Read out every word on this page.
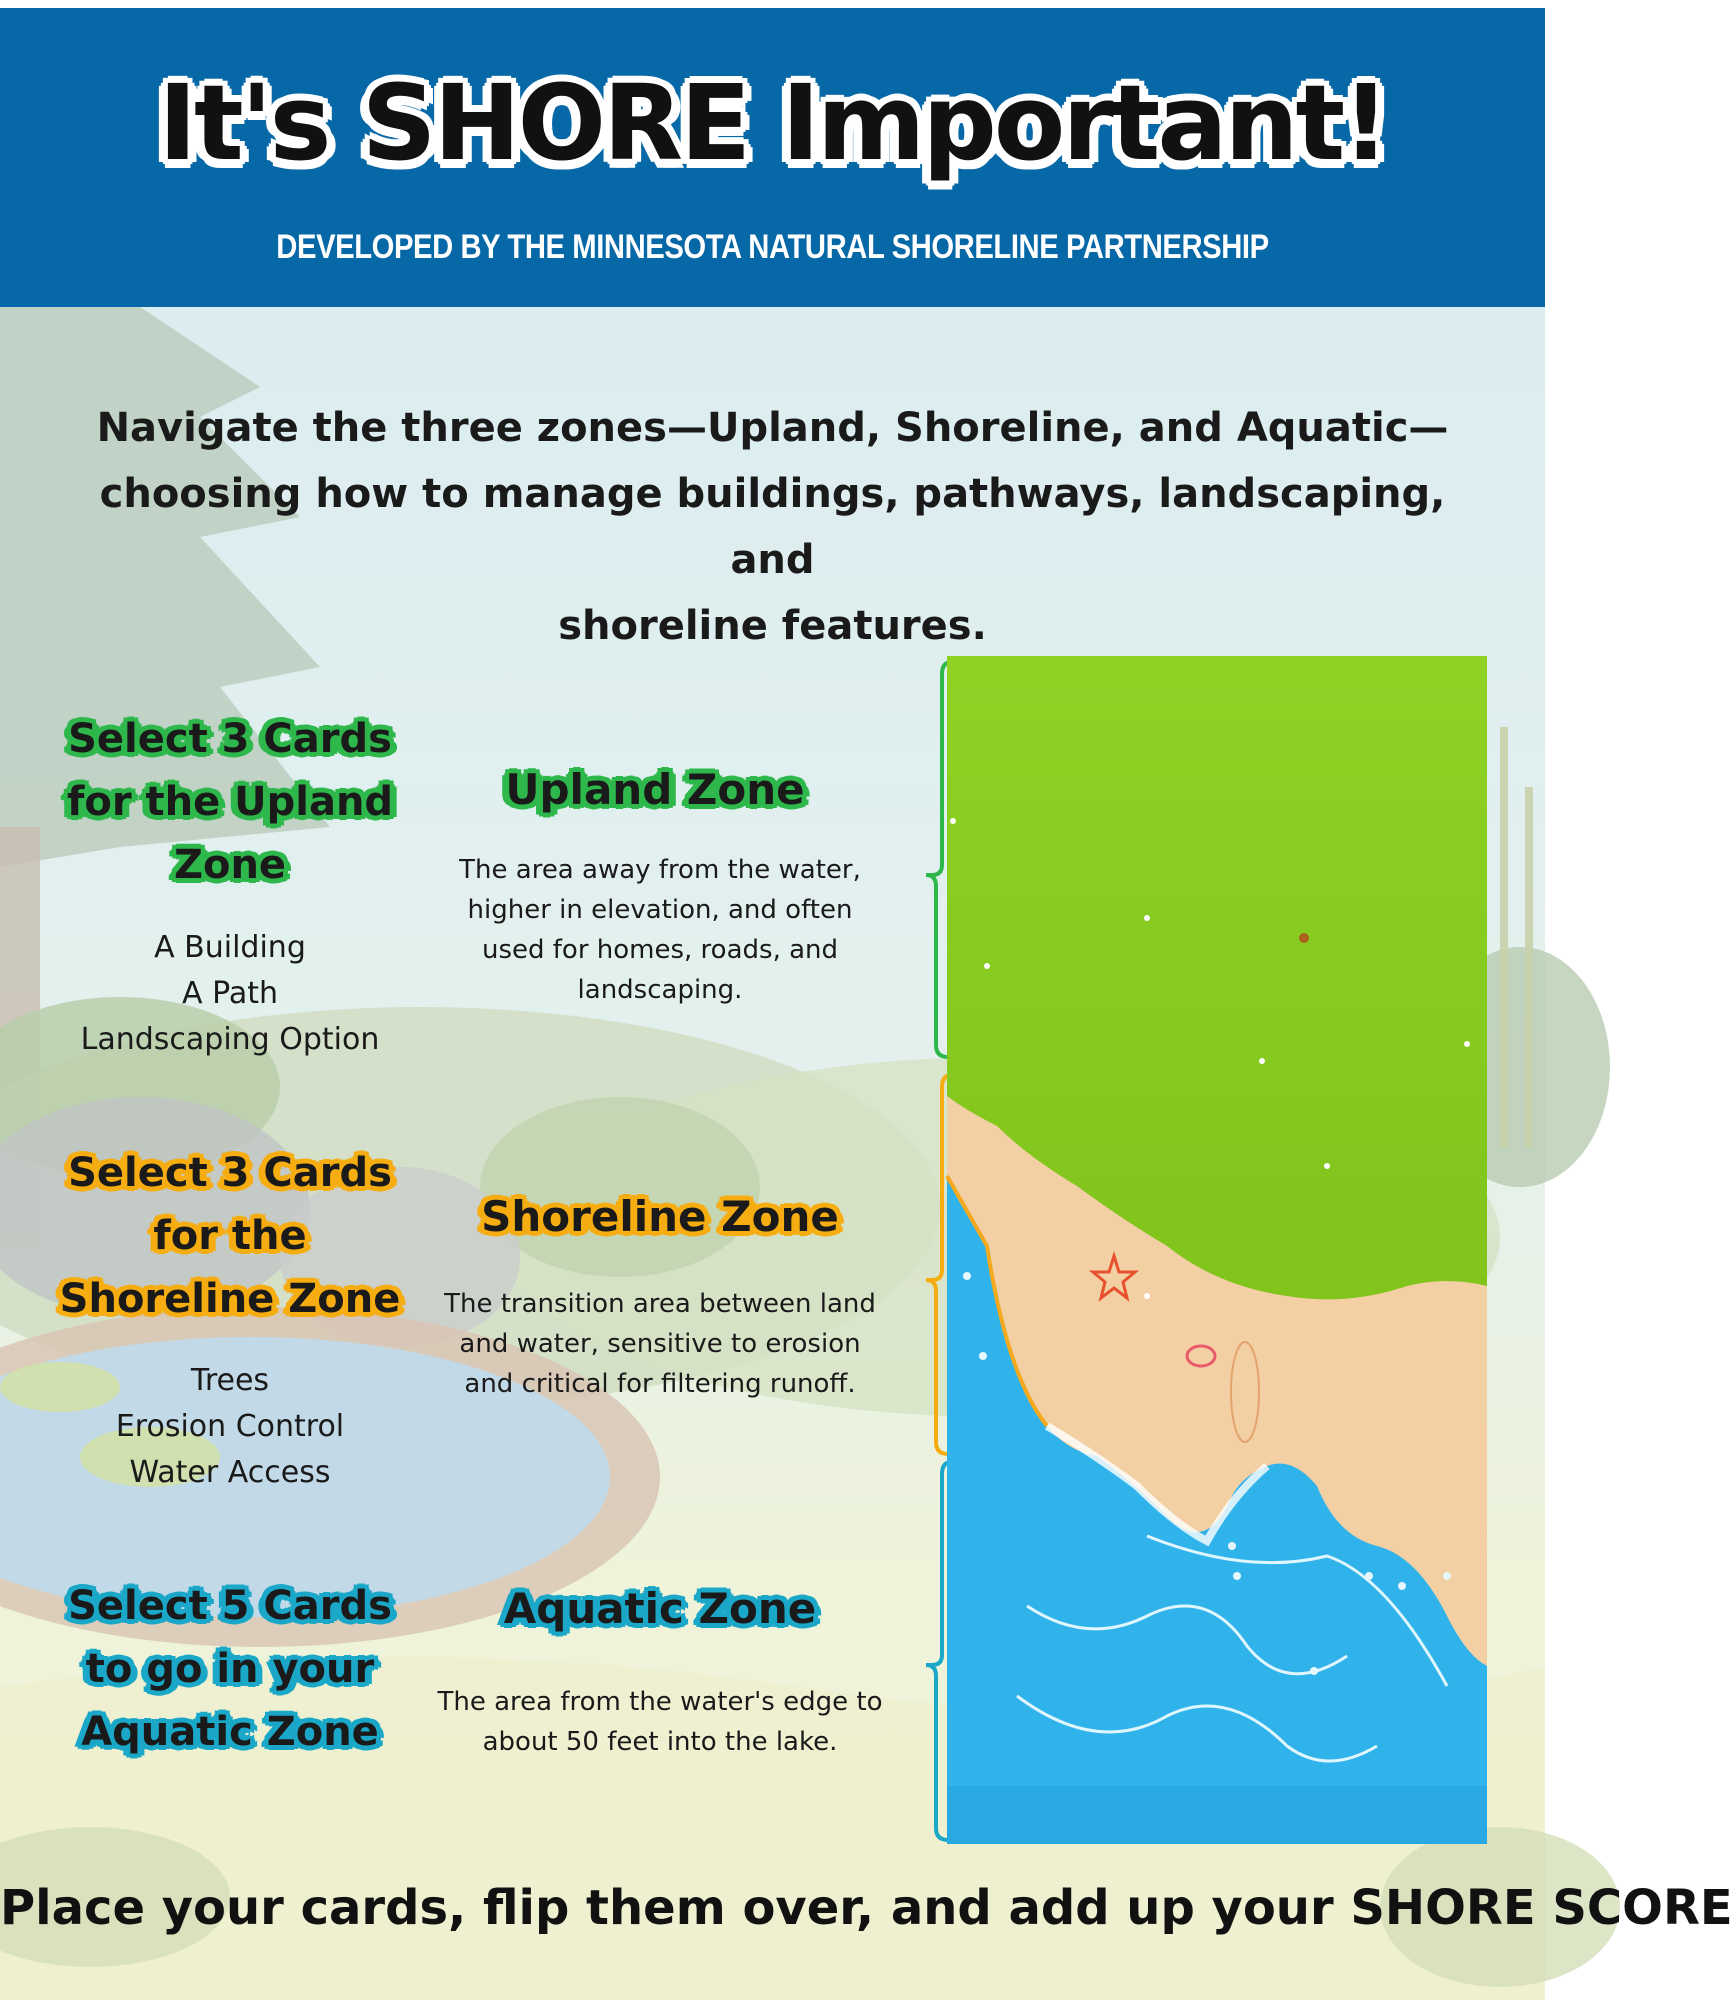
It's SHORE Important!
DEVELOPED BY THE MINNESOTA NATURAL SHORELINE PARTNERSHIP
Navigate the three zones—Upland, Shoreline, and Aquatic—
choosing how to manage buildings, pathways, landscaping, and
shoreline features.
Select 3 Cards
for the Upland
Zone
A Building
A Path
Landscaping Option
Upland Zone
The area away from the water,
higher in elevation, and often
used for homes, roads, and
landscaping.
Select 3 Cards
for the
Shoreline Zone
Trees
Erosion Control
Water Access
Shoreline Zone
The transition area between land
and water, sensitive to erosion
and critical for filtering runoff.
Select 5 Cards
to go in your
Aquatic Zone
Aquatic Zone
The area from the water's edge to
about 50 feet into the lake.
Place your cards, flip them over, and add up your SHORE SCORE
